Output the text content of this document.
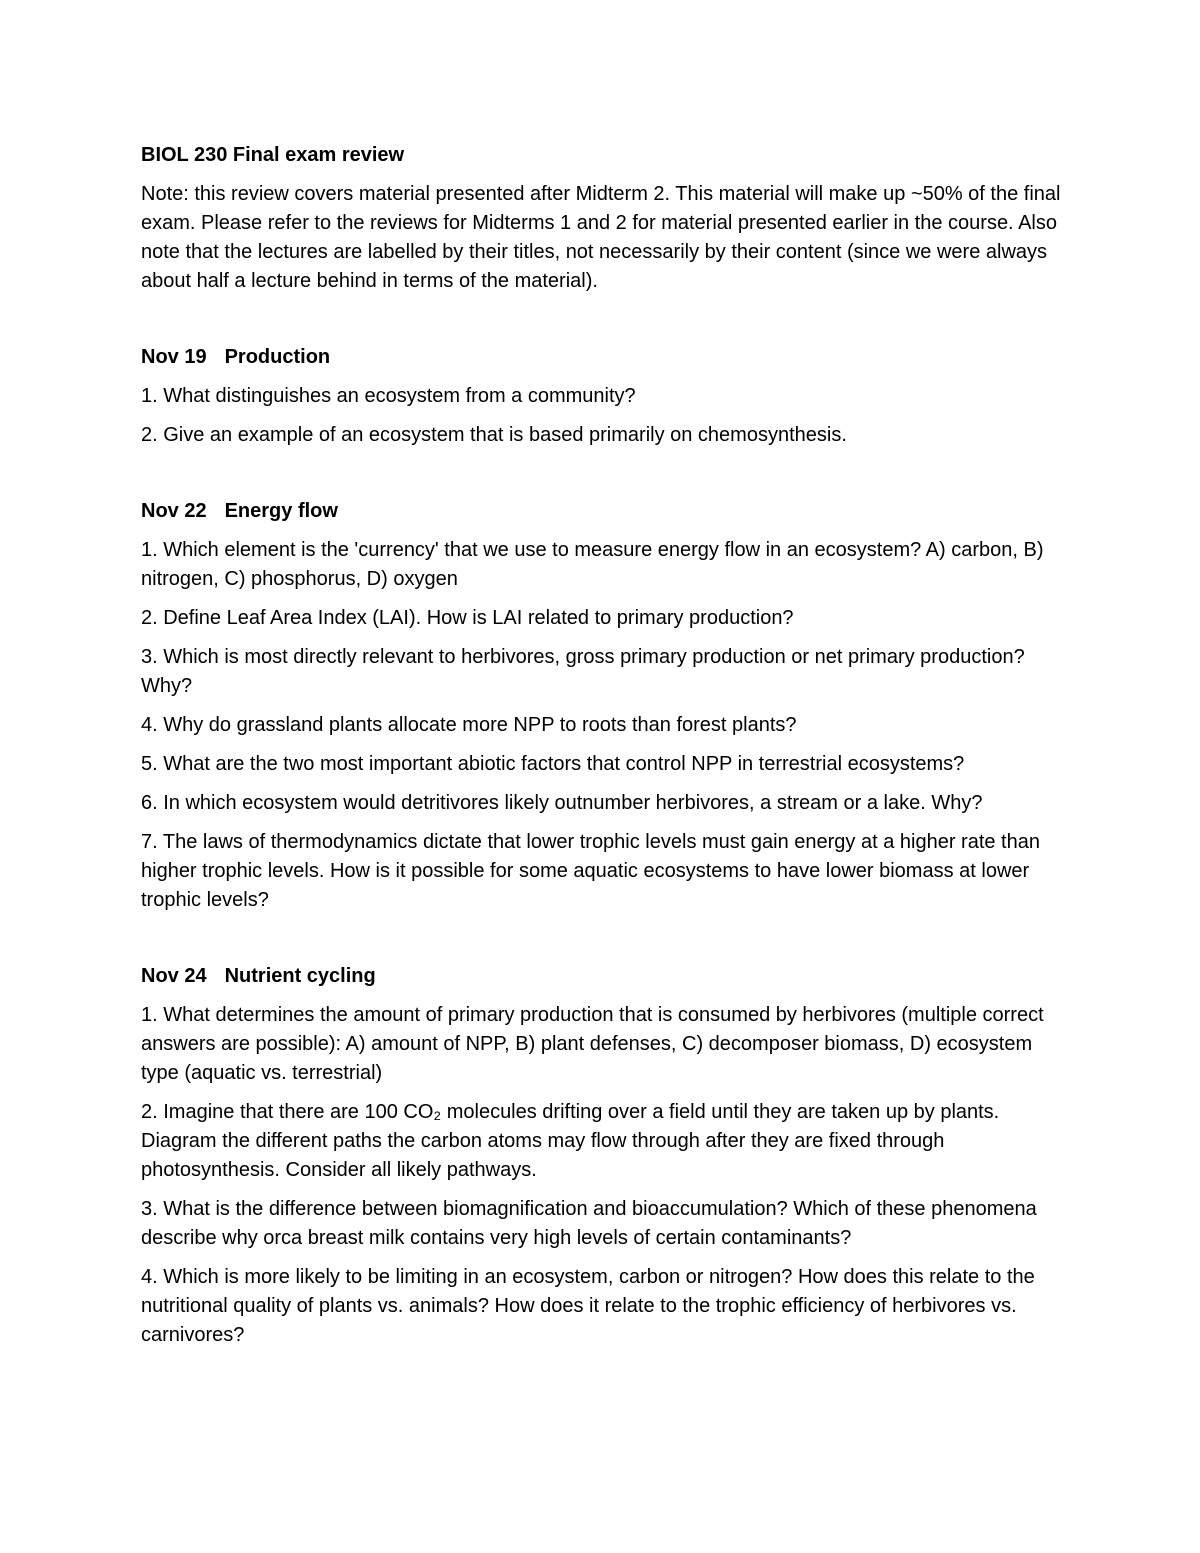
BIOL 230 Final exam review

Note: this review covers material presented after Midterm 2. This material will make up ~50% of the final exam. Please refer to the reviews for Midterms 1 and 2 for material presented earlier in the course. Also note that the lectures are labelled by their titles, not necessarily by their content (since we were always about half a lecture behind in terms of the material).

Nov 19 Production

1. What distinguishes an ecosystem from a community?

2. Give an example of an ecosystem that is based primarily on chemosynthesis.

Nov 22 Energy flow

1. Which element is the 'currency' that we use to measure energy flow in an ecosystem? A) carbon, B) nitrogen, C) phosphorus, D) oxygen

2. Define Leaf Area Index (LAI). How is LAI related to primary production?

3. Which is most directly relevant to herbivores, gross primary production or net primary production? Why?

4. Why do grassland plants allocate more NPP to roots than forest plants?

5. What are the two most important abiotic factors that control NPP in terrestrial ecosystems?

6. In which ecosystem would detritivores likely outnumber herbivores, a stream or a lake. Why?

7. The laws of thermodynamics dictate that lower trophic levels must gain energy at a higher rate than higher trophic levels. How is it possible for some aquatic ecosystems to have lower biomass at lower trophic levels?

Nov 24 Nutrient cycling

1. What determines the amount of primary production that is consumed by herbivores (multiple correct answers are possible): A) amount of NPP, B) plant defenses, C) decomposer biomass, D) ecosystem type (aquatic vs. terrestrial)

2. Imagine that there are 100 CO₂ molecules drifting over a field until they are taken up by plants. Diagram the different paths the carbon atoms may flow through after they are fixed through photosynthesis. Consider all likely pathways.

3. What is the difference between biomagnification and bioaccumulation? Which of these phenomena describe why orca breast milk contains very high levels of certain contaminants?

4. Which is more likely to be limiting in an ecosystem, carbon or nitrogen? How does this relate to the nutritional quality of plants vs. animals? How does it relate to the trophic efficiency of herbivores vs. carnivores?
